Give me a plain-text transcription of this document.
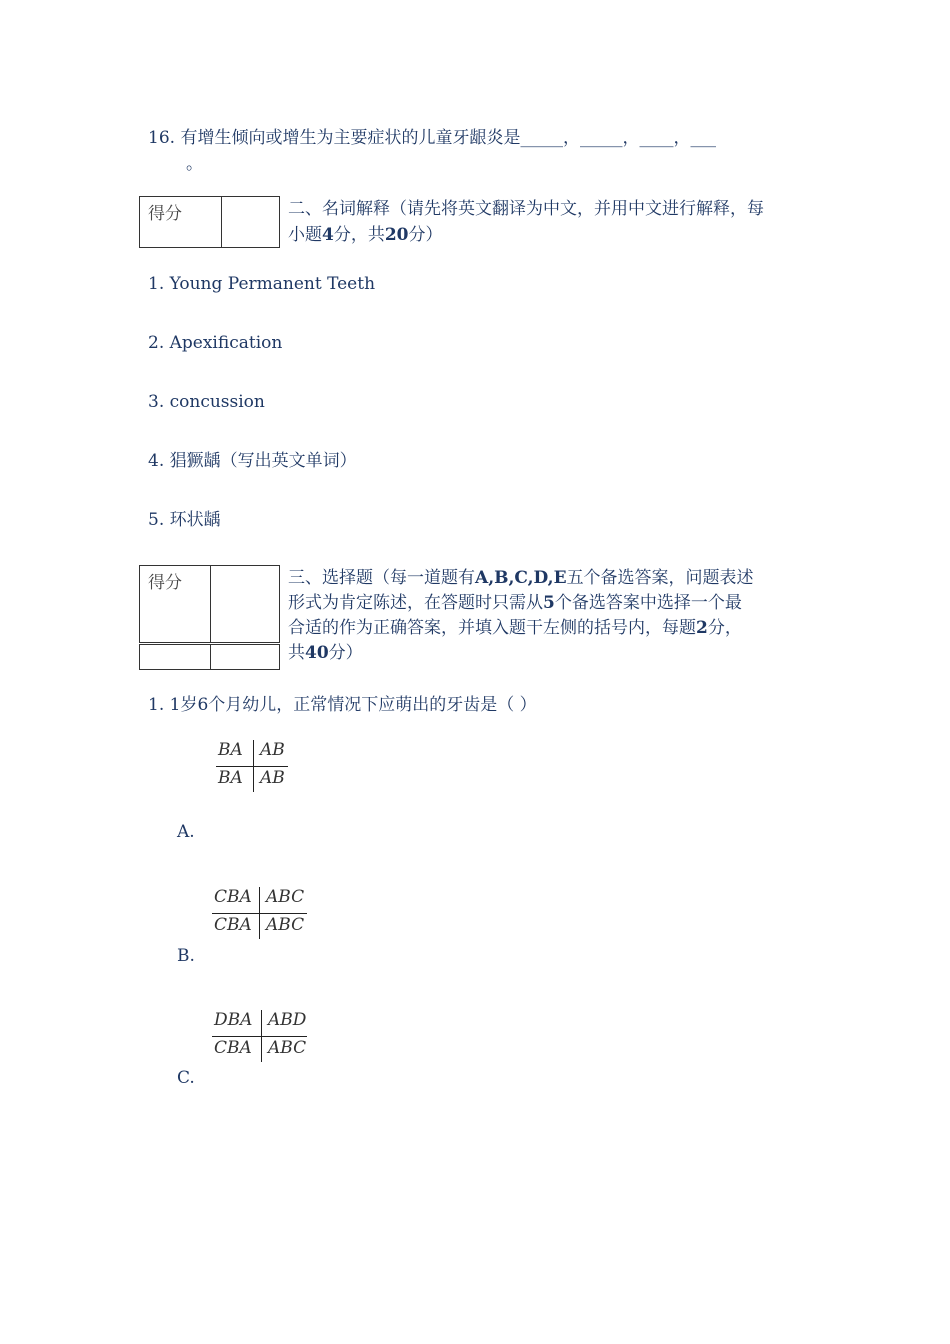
16. 有增生倾向或增生为主要症状的儿童牙龈炎是_____，_____，____，___
。
得分		二、名词解释（请先将英文翻译为中文，并用中文进行解释，每
小题4分，共20分）
1. Young Permanent Teeth
2. Apexification
3. concussion
4. 猖獗龋（写出英文单词）
5. 环状龋
得分	
		三、选择题（每一道题有A,B,C,D,E五个备选答案，问题表述
形式为肯定陈述，在答题时只需从5个备选答案中选择一个最
合适的作为正确答案，并填入题干左侧的括号内，每题2分，
共40分）
1. 1岁6个月幼儿，正常情况下应萌出的牙齿是（ ）
BA AB
BA AB
A.
CBA ABC
CBA ABC
B.
DBA ABD
CBA ABC
C.
